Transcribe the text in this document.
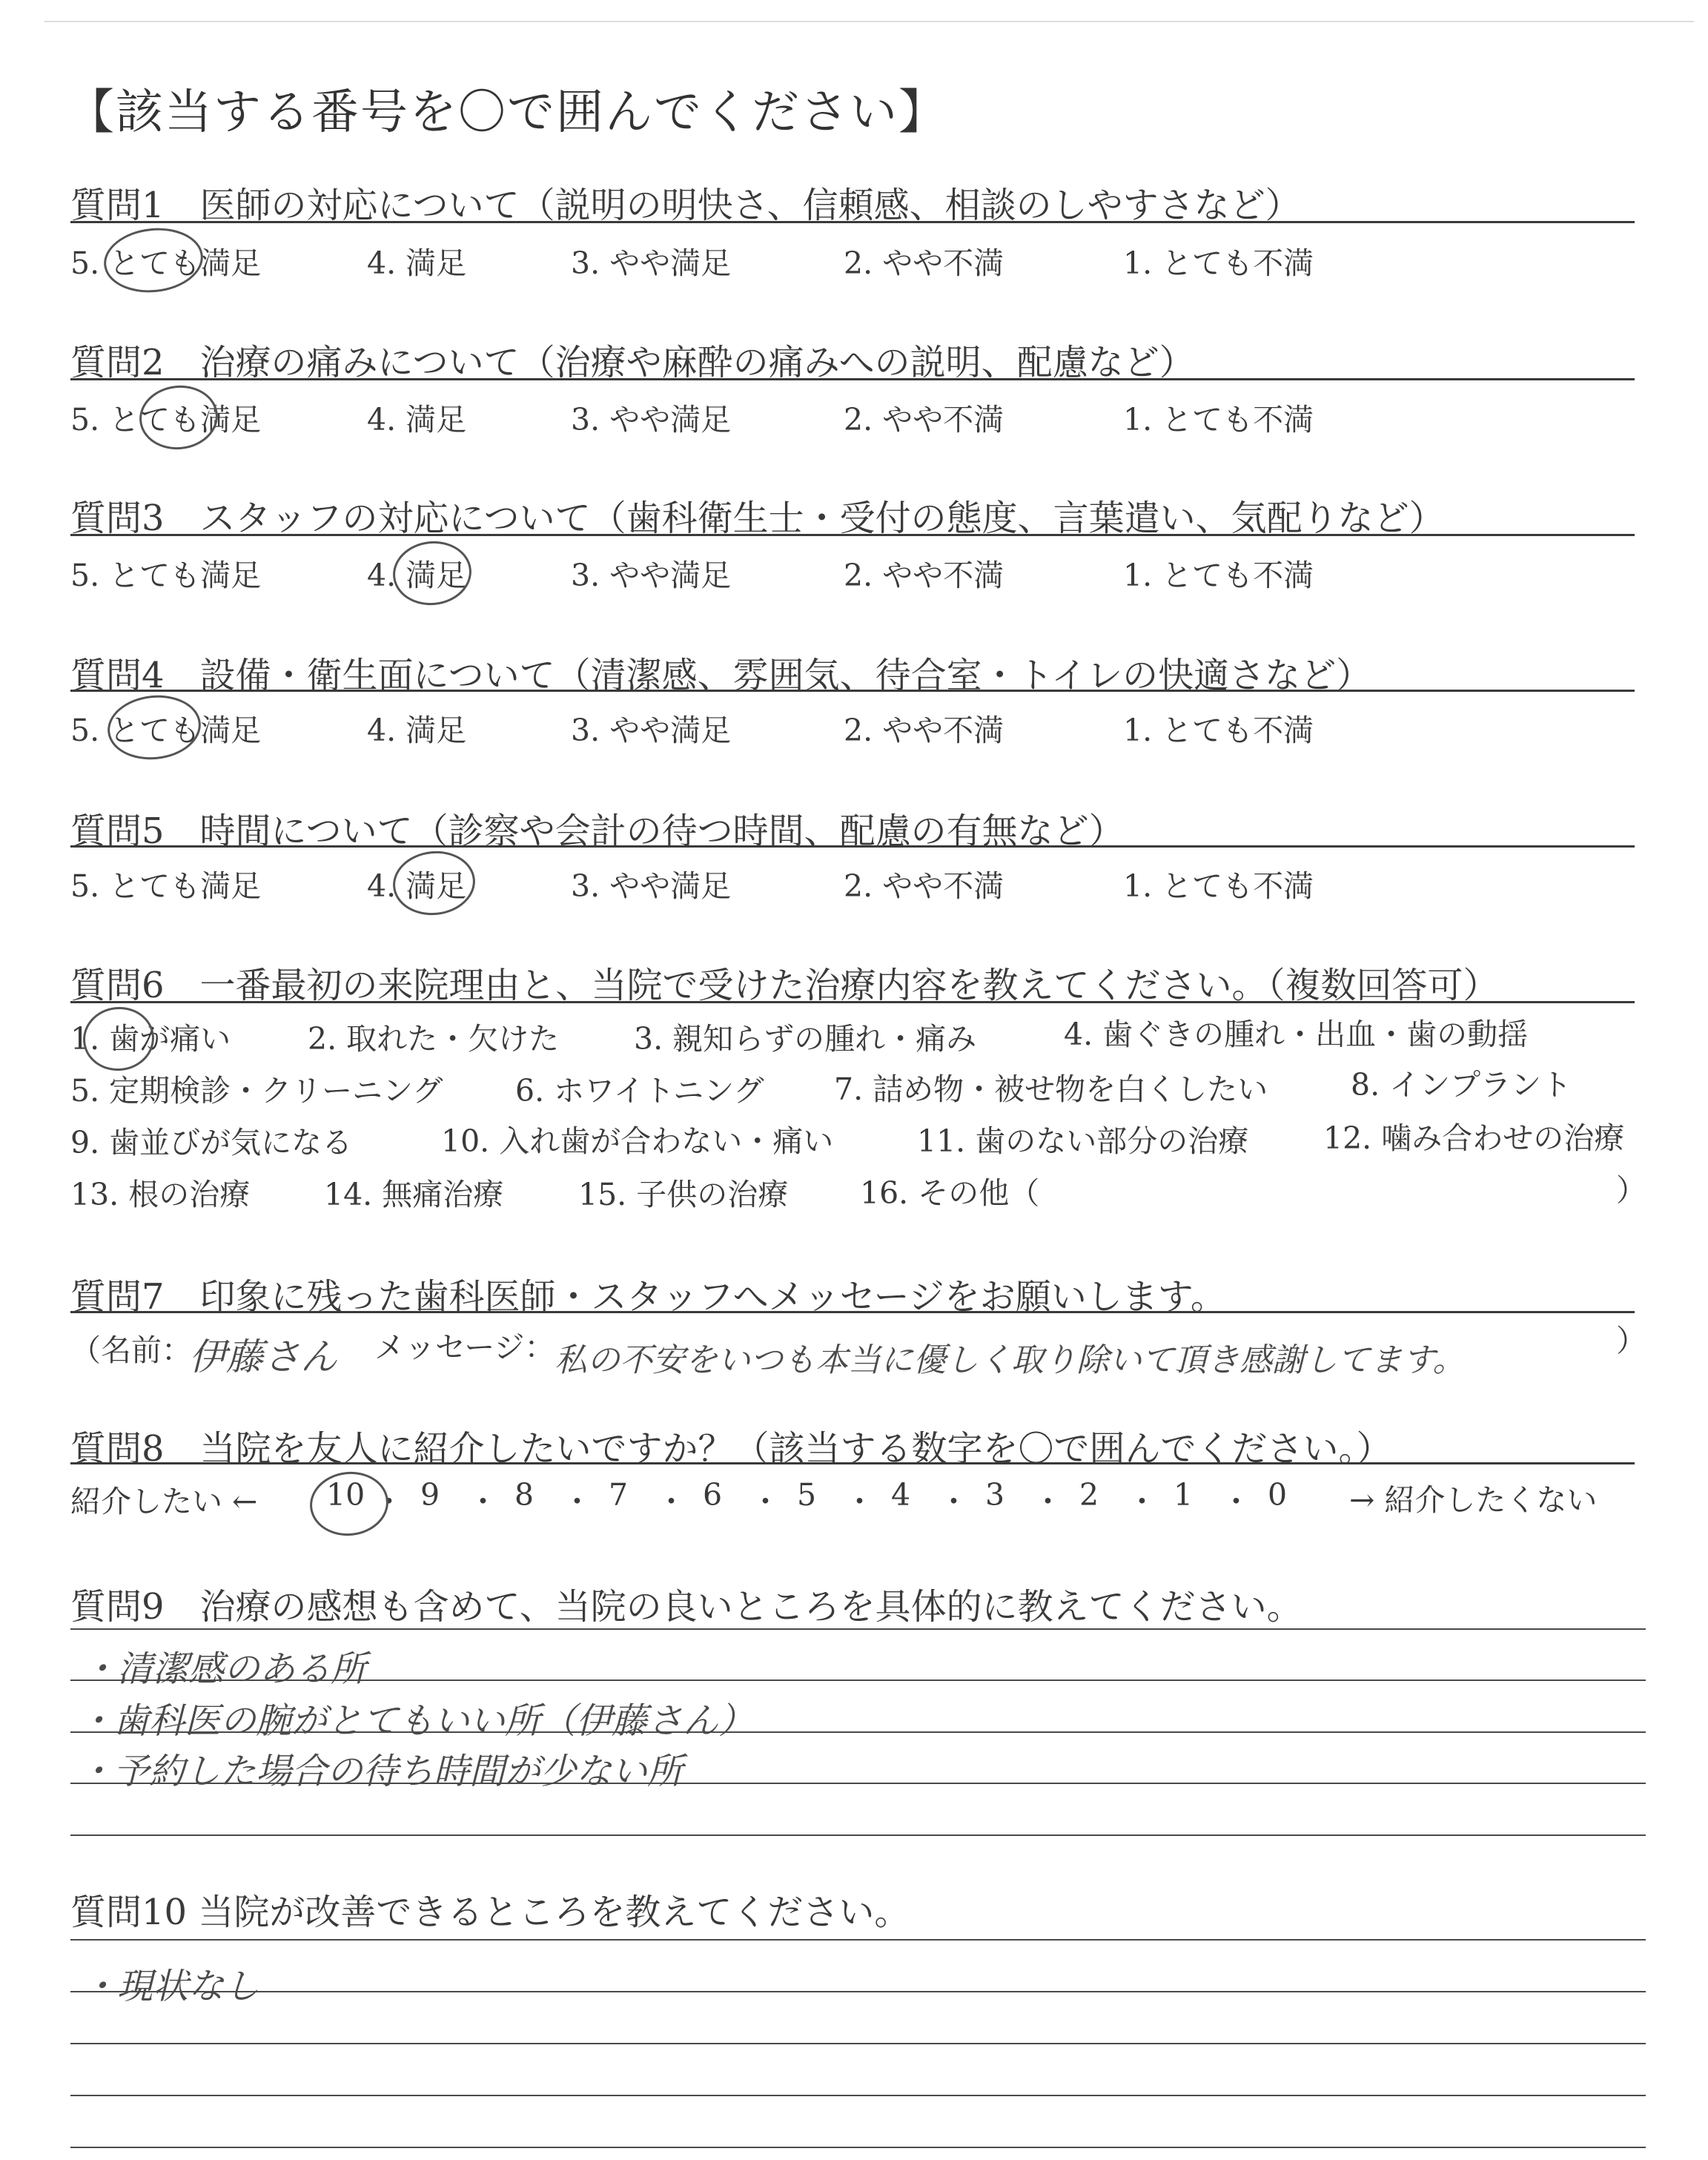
【該当する番号を〇で囲んでください】
質問1　医師の対応について（説明の明快さ、信頼感、相談のしやすさなど）
5. とても満足	4. 満足	3. やや満足	2. やや不満	1. とても不満
質問2　治療の痛みについて（治療や麻酔の痛みへの説明、配慮など）
5. とても満足	4. 満足	3. やや満足	2. やや不満	1. とても不満
質問3　スタッフの対応について（歯科衛生士・受付の態度、言葉遣い、気配りなど）
5. とても満足	4. 満足	3. やや満足	2. やや不満	1. とても不満
質問4　設備・衛生面について（清潔感、雰囲気、待合室・トイレの快適さなど）
5. とても満足	4. 満足	3. やや満足	2. やや不満	1. とても不満
質問5　時間について（診察や会計の待つ時間、配慮の有無など）
5. とても満足	4. 満足	3. やや満足	2. やや不満	1. とても不満
質問6　一番最初の来院理由と、当院で受けた治療内容を教えてください。（複数回答可）
1. 歯が痛い	2. 取れた・欠けた 3. 親知らずの腫れ・痛み	4. 歯ぐきの腫れ・出血・歯の動揺
5. 定期検診・クリーニング 6. ホワイトニング 7. 詰め物・被せ物を白くしたい	8. インプラント
9. 歯並びが気になる	10. 入れ歯が合わない・痛い	11. 歯のない部分の治療 12. 噛み合わせの治療
13. 根の治療 14. 無痛治療 15. 子供の治療 16. その他（	）
質問7　印象に残った歯科医師・スタッフへメッセージをお願いします。
（名前：
伊藤さん メッセージ： 私の不安をいつも本当に優しく取り除いて頂き感謝してます。
）
質問8　当院を友人に紹介したいですか？（該当する数字を〇で囲んでください。）
紹介したい ← 10 ・ 9 ・ 8 ・ 7 ・ 6 ・ 5 ・ 4 ・ 3 ・ 2 ・ 1 ・ 0 → 紹介したくない
質問9　治療の感想も含めて、当院の良いところを具体的に教えてください。
・清潔感のある所
・歯科医の腕がとてもいい所（伊藤さん）
・予約した場合の待ち時間が少ない所
質問10 当院が改善できるところを教えてください。
・現状なし
